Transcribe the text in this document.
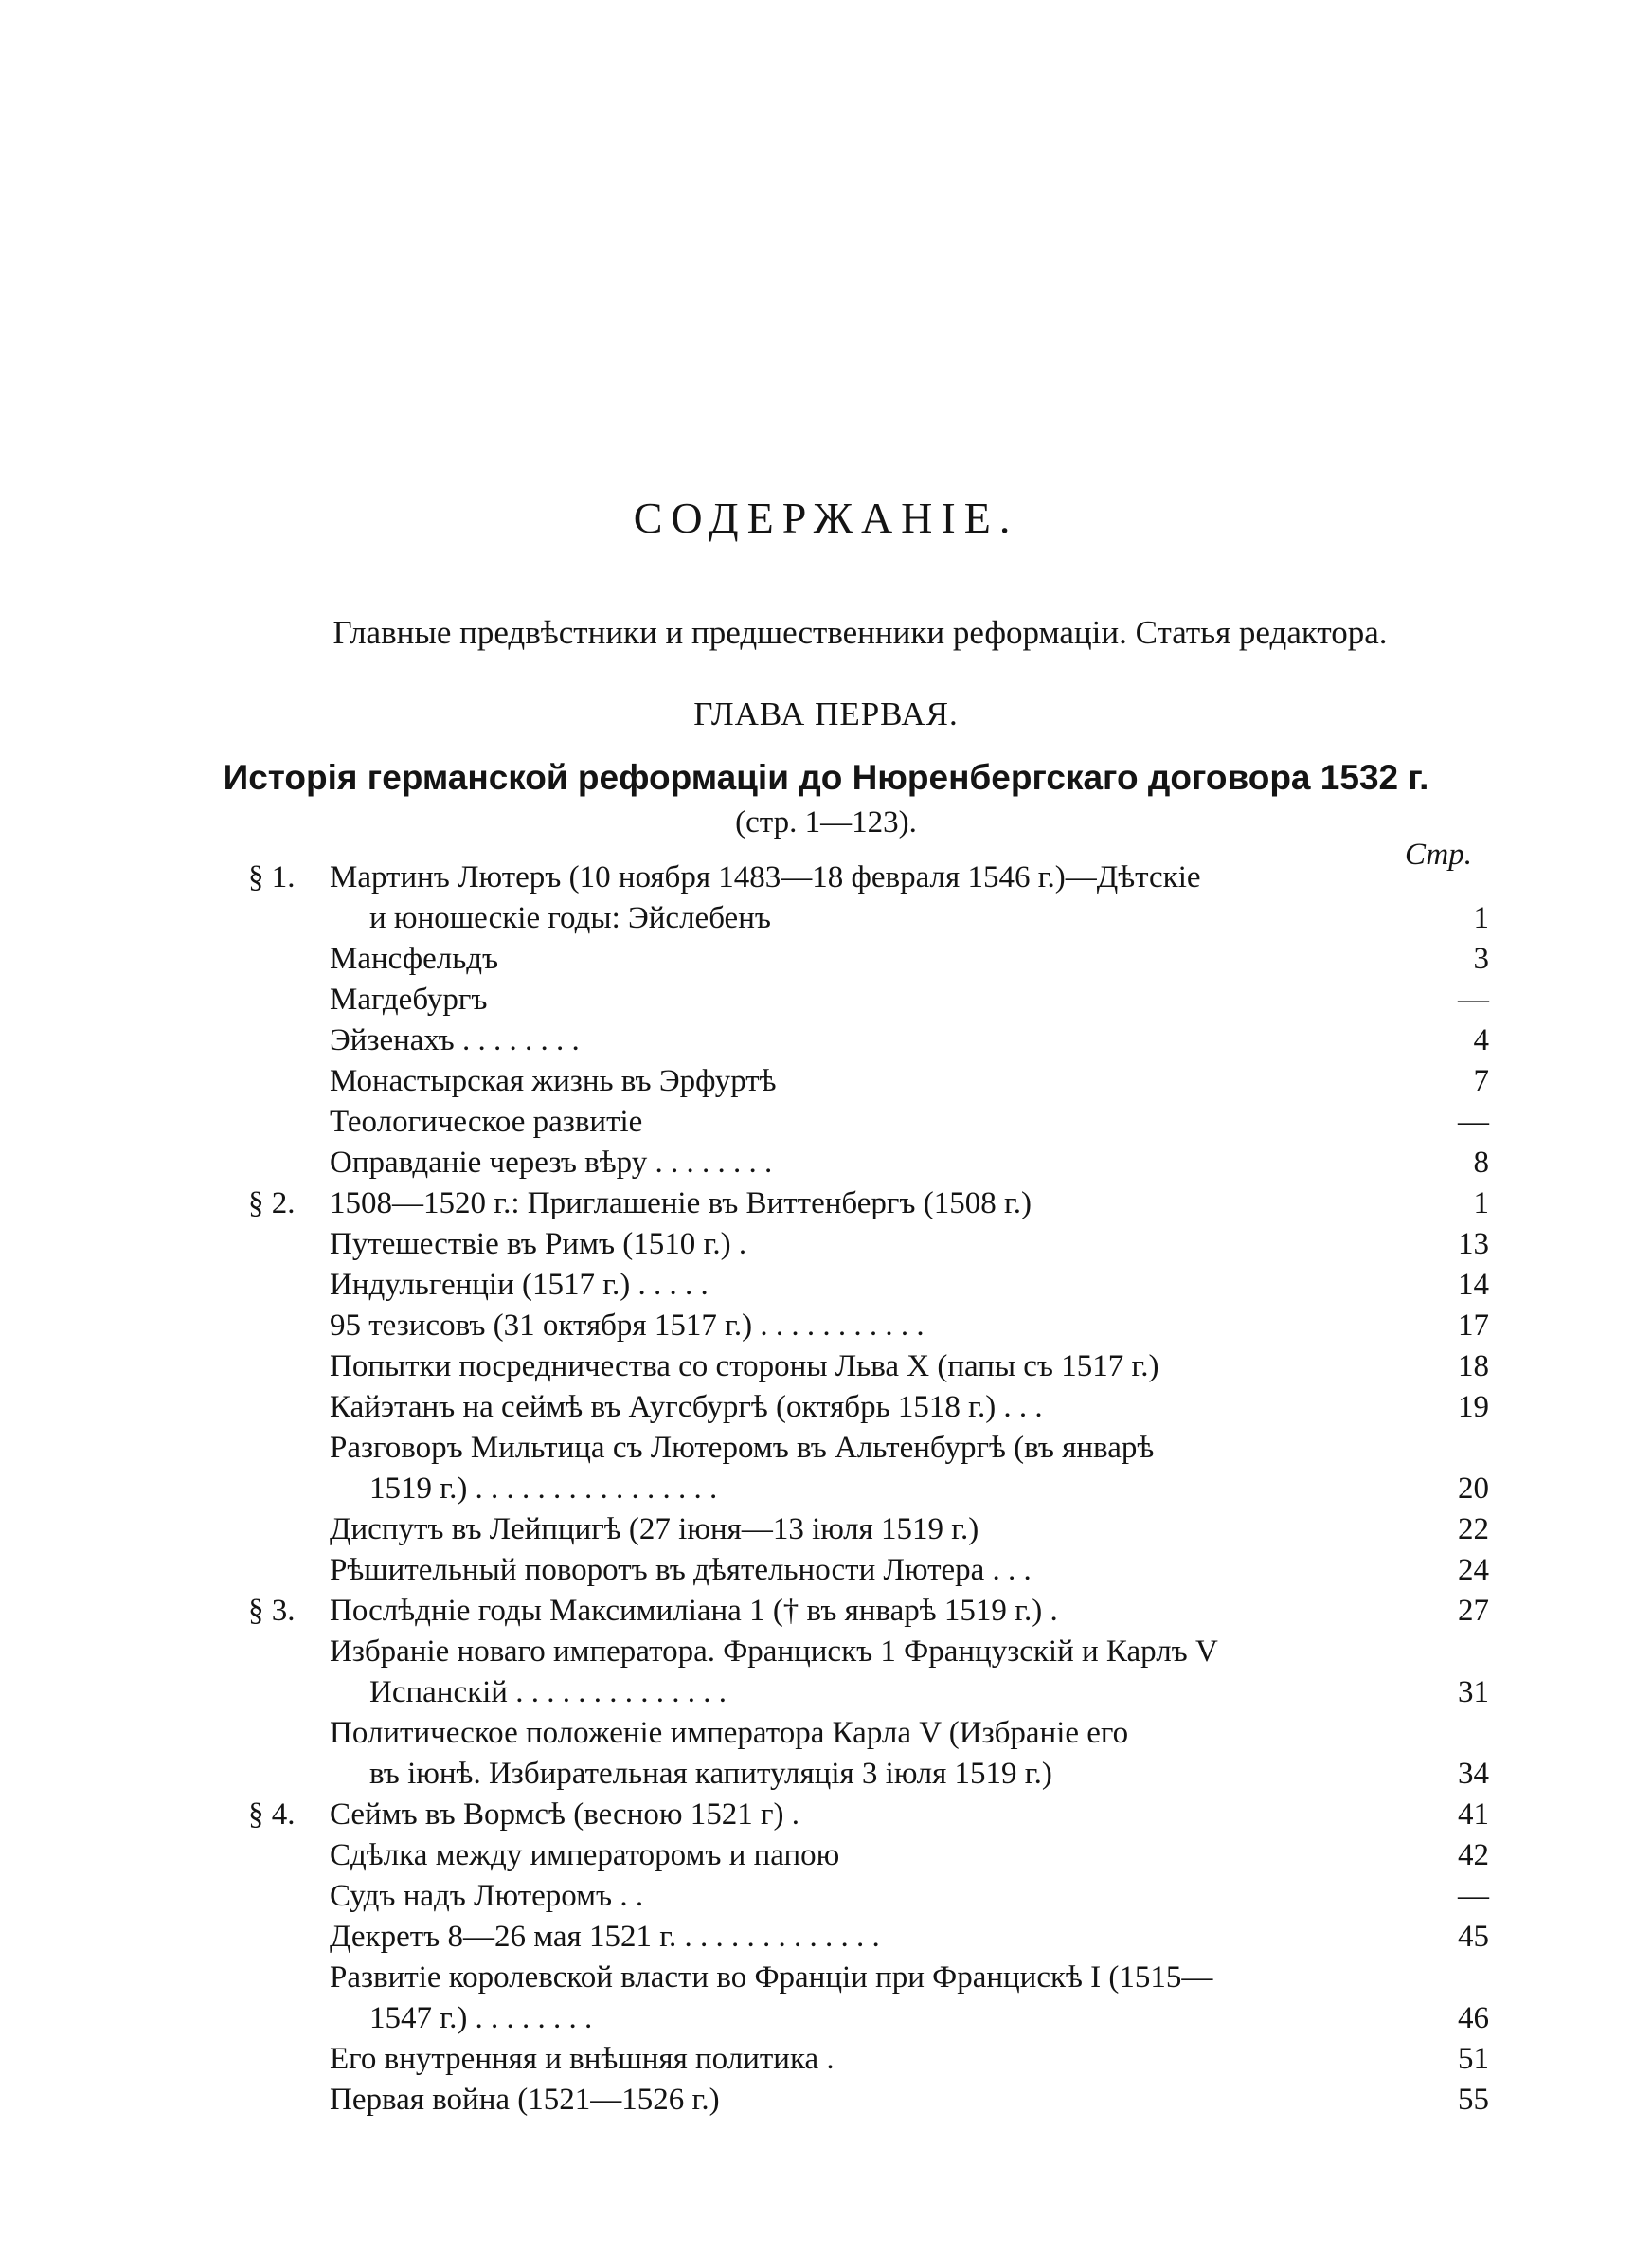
СОДЕРЖАНІЕ.

Главные предвѣстники и предшественники реформаціи. Статья редактора.

ГЛАВА ПЕРВАЯ.

Исторія германской реформаціи до Нюренбергскаго договора 1532 г.

(стр. 1—123).

Стр.

§ 1. Мартинъ Лютеръ (10 ноября 1483—18 февраля 1546 г.)—Дѣтскіе
и юношескіе годы: Эйслебенъ	1
Мансфельдъ	3
Магдебургъ	—
Эйзенахъ . . . . . . . .	4
Монастырская жизнь въ Эрфуртѣ	7
Теологическое развитіе	—
Оправданіе черезъ вѣру . . . . . . . .	8
§ 2. 1508—1520 г.: Приглашеніе въ Виттенбергъ (1508 г.)	1
Путешествіе въ Римъ (1510 г.) .	13
Индульгенціи (1517 г.) . . . . .	14
95 тезисовъ (31 октября 1517 г.) . . . . . . . . . . .	17
Попытки посредничества со стороны Льва X (папы съ 1517 г.)	18
Кайэтанъ на сеймѣ въ Аугсбургѣ (октябрь 1518 г.) . . .	19
Разговоръ Мильтица съ Лютеромъ въ Альтенбургѣ (въ январѣ
1519 г.) . . . . . . . . . . . . . . . .	20
Диспутъ въ Лейпцигѣ (27 іюня—13 іюля 1519 г.)	22
Рѣшительный поворотъ въ дѣятельности Лютера . . .	24
§ 3. Послѣдніе годы Максимиліана 1 († въ январѣ 1519 г.) .	27
Избраніе новаго императора. Францискъ 1 Французскій и Карлъ V
Испанскій . . . . . . . . . . . . . .	31
Политическое положеніе императора Карла V (Избраніе его
въ іюнѣ. Избирательная капитуляція 3 іюля 1519 г.)	34
§ 4. Сеймъ въ Вормсѣ (весною 1521 г) .	41
Сдѣлка между императоромъ и папою	42
Судъ надъ Лютеромъ . .	—
Декретъ 8—26 мая 1521 г. . . . . . . . . . . . . .	45
Развитіе королевской власти во Франціи при Францискѣ I (1515—
1547 г.) . . . . . . . .	46
Его внутренняя и внѣшняя политика .	51
Первая война (1521—1526 г.)	55
